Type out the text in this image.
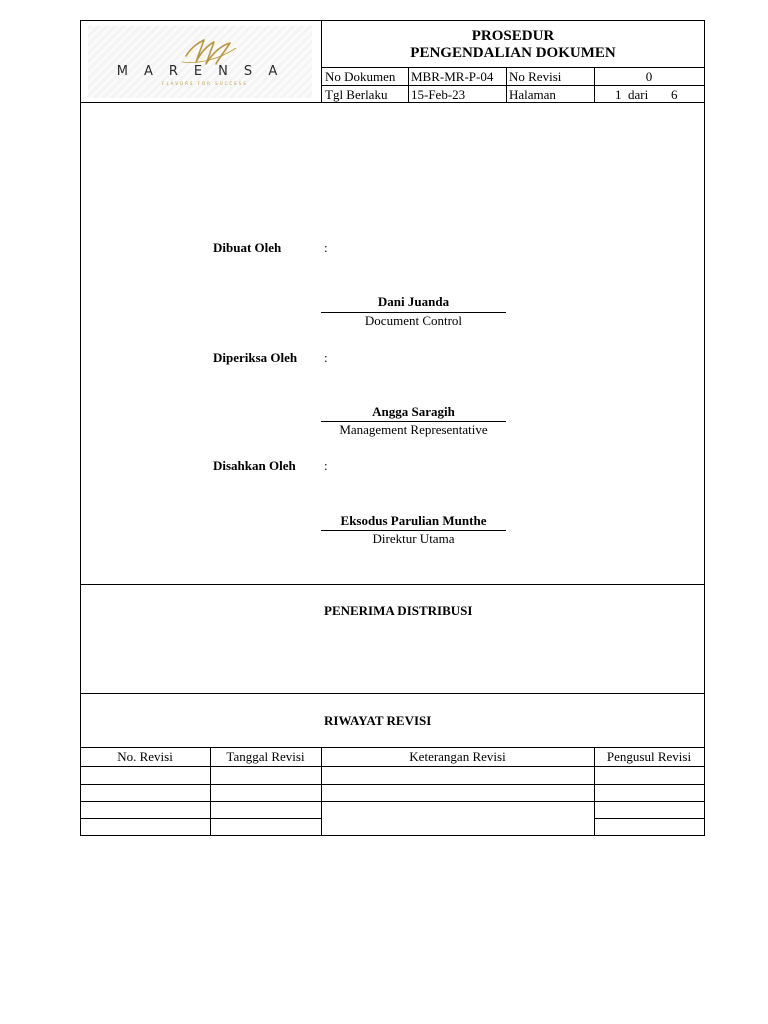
MARENSA
FLAVORS FOR SUCCESS
PROSEDUR
PENGENDALIAN DOKUMEN
No Dokumen MBR-MR-P-04 No Revisi	0
Tgl Berlaku 15-Feb-23	Halaman	1  dari       6
Dibuat Oleh	:
Dani Juanda
Document Control
Diperiksa Oleh :
Angga Saragih
Management Representative
Disahkan Oleh :
Eksodus Parulian Munthe
Direktur Utama
PENERIMA DISTRIBUSI
RIWAYAT REVISI
No. Revisi	Tanggal Revisi	Keterangan Revisi	Pengusul Revisi
